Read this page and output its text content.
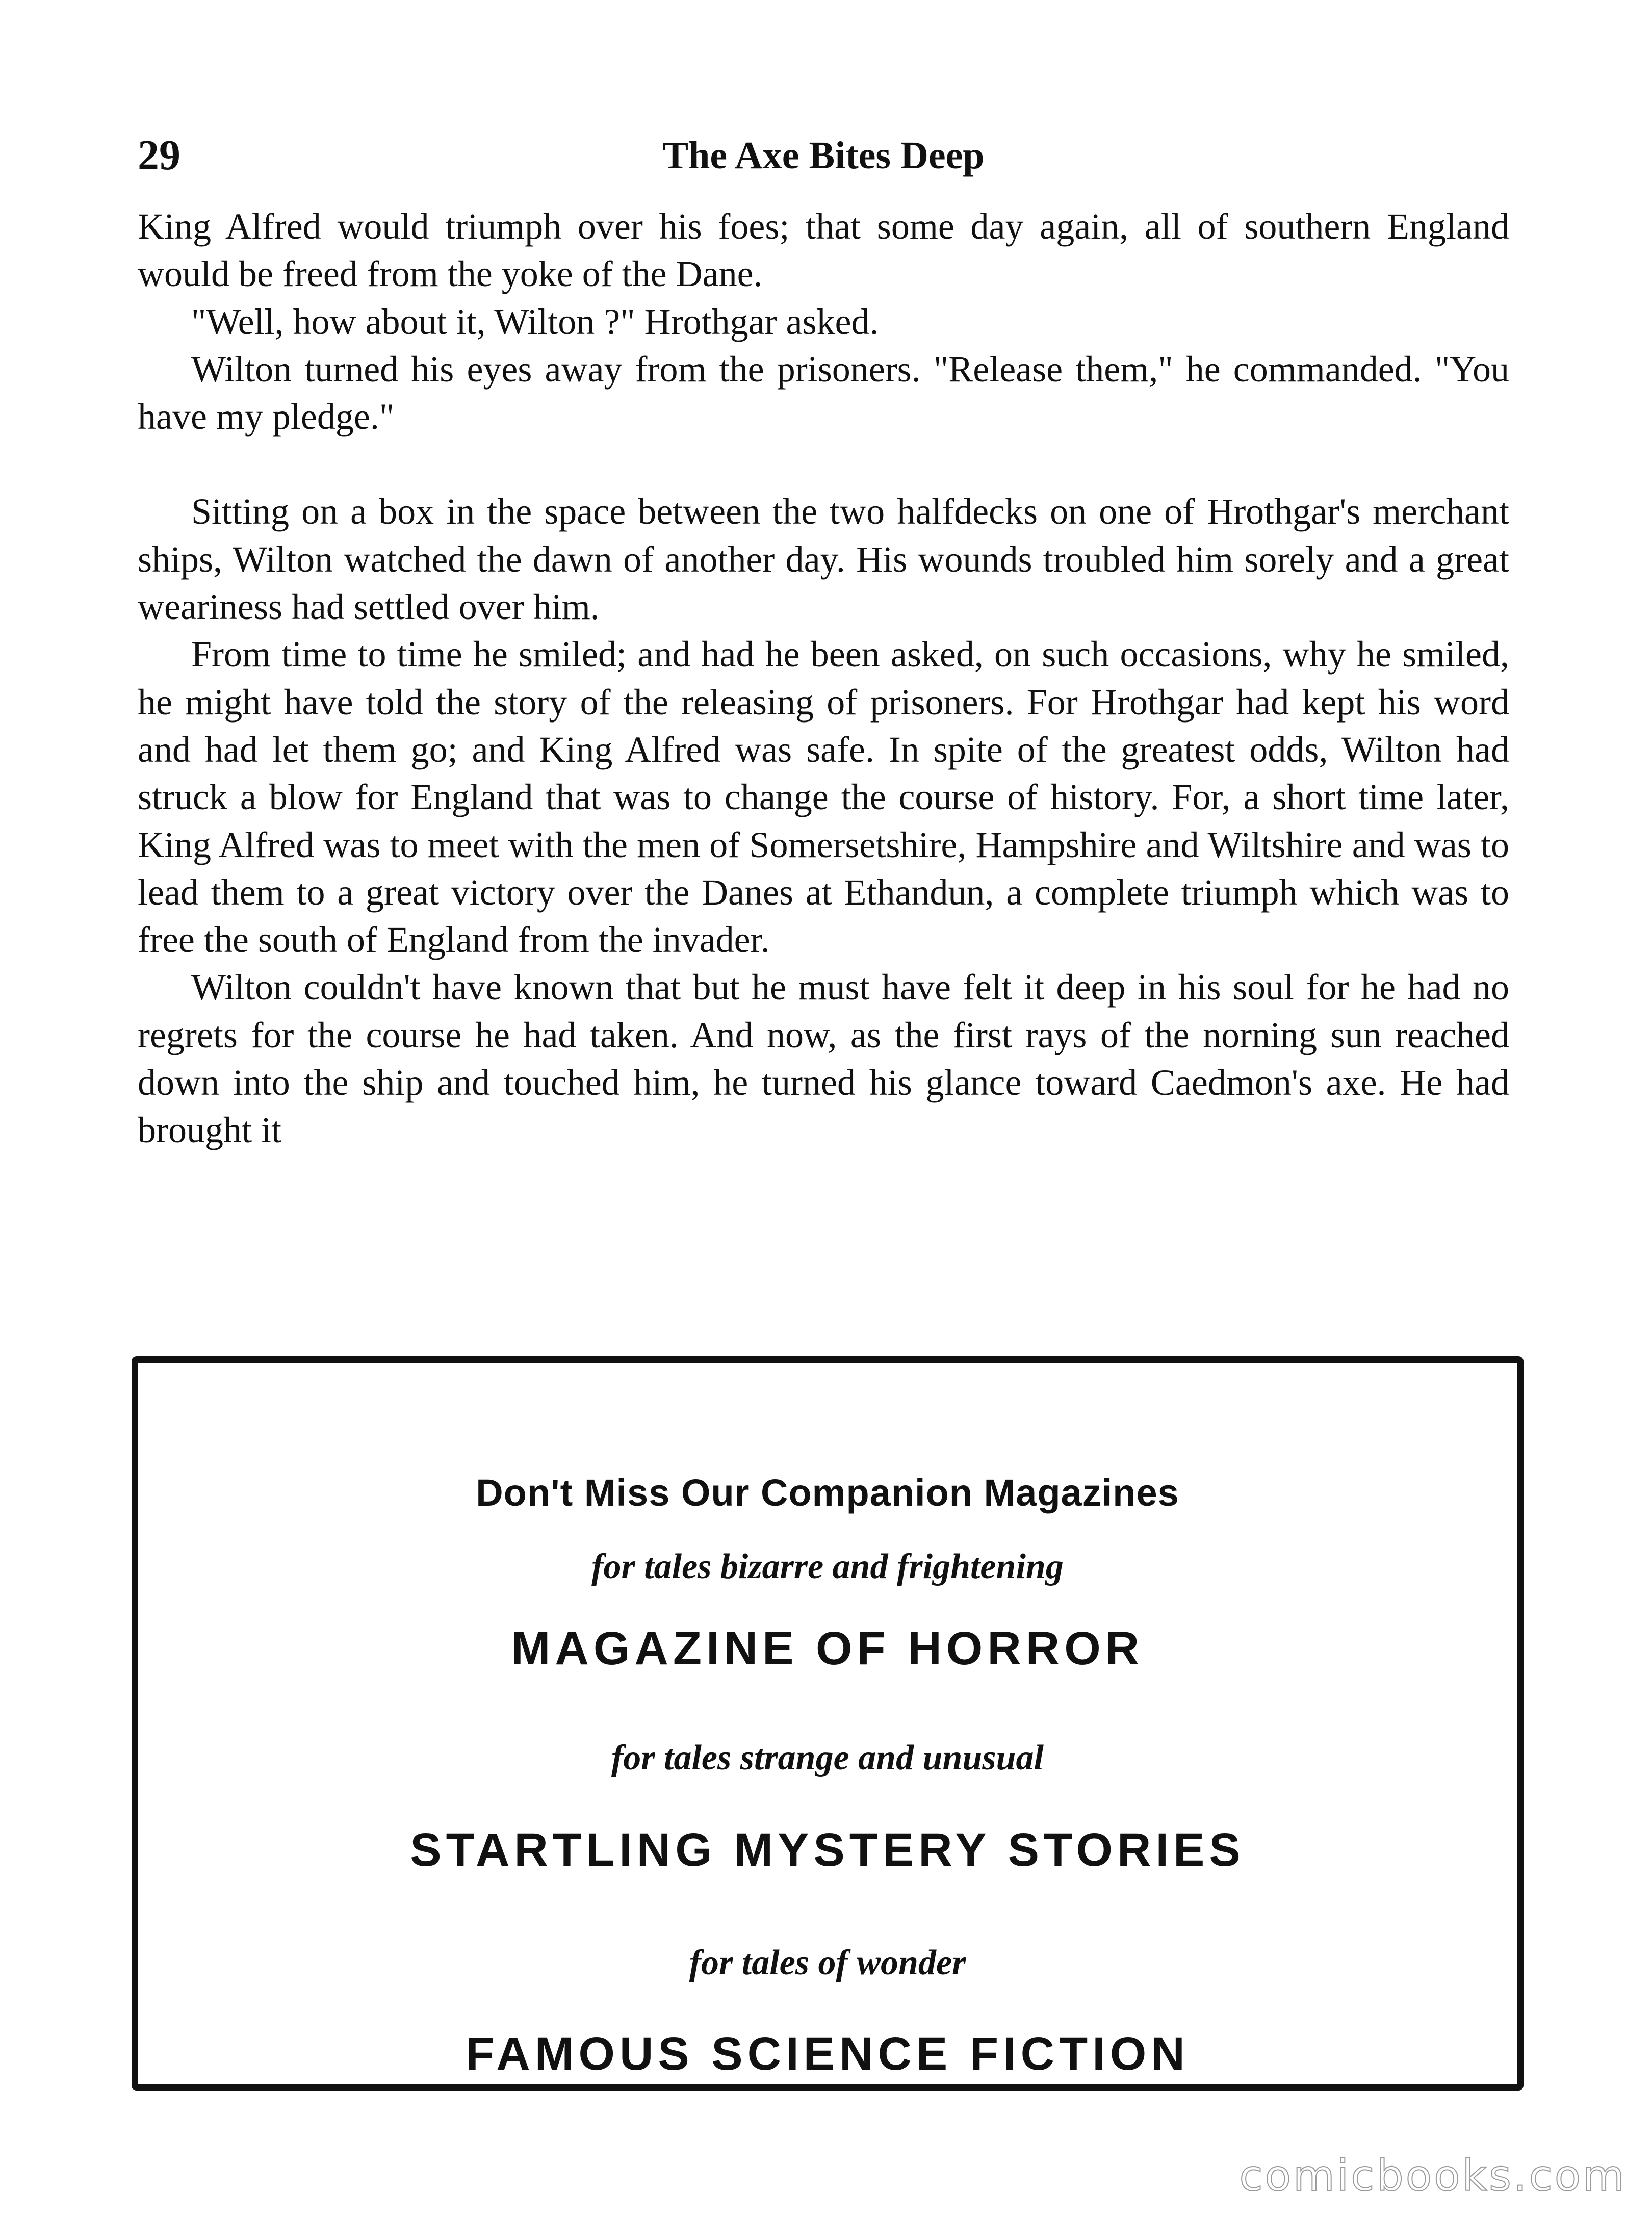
29	The Axe Bites Deep

King Alfred would triumph over his foes; that some day again, all of southern England would be freed from the yoke of the Dane.

"Well, how about it, Wilton ?" Hrothgar asked.

Wilton turned his eyes away from the prisoners. "Release them," he commanded. "You have my pledge."

Sitting on a box in the space between the two halfdecks on one of Hrothgar's merchant ships, Wilton watched the dawn of another day. His wounds troubled him sorely and a great weariness had settled over him.

From time to time he smiled; and had he been asked, on such occasions, why he smiled, he might have told the story of the releasing of prisoners. For Hrothgar had kept his word and had let them go; and King Alfred was safe. In spite of the greatest odds, Wilton had struck a blow for England that was to change the course of history. For, a short time later, King Alfred was to meet with the men of Somersetshire, Hampshire and Wiltshire and was to lead them to a great victory over the Danes at Ethandun, a complete triumph which was to free the south of England from the invader.

Wilton couldn't have known that but he must have felt it deep in his soul for he had no regrets for the course he had taken. And now, as the first rays of the norning sun reached down into the ship and touched him, he turned his glance toward Caedmon's axe. He had brought it

Don't Miss Our Companion Magazines
for tales bizarre and frightening
MAGAZINE OF HORROR
for tales strange and unusual
STARTLING MYSTERY STORIES
for tales of wonder
FAMOUS SCIENCE FICTION
comicbooks.com
